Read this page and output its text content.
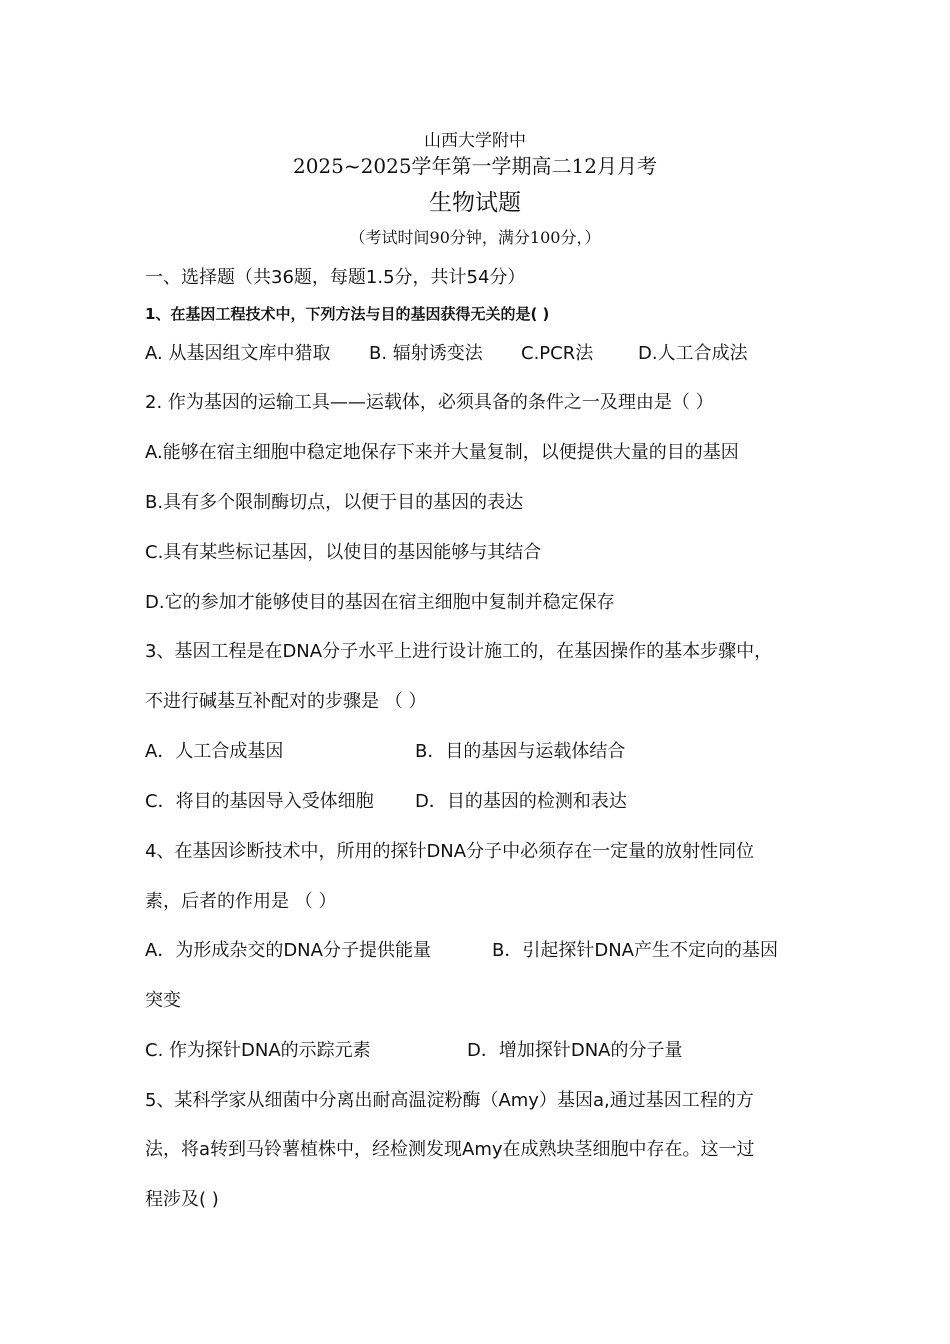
山西大学附中
2025~2025学年第一学期高二12月月考
生物试题
（考试时间90分钟，满分100分，）
一、选择题（共36题，每题1.5分，共计54分）
1、在基因工程技术中，下列方法与目的基因获得无关的是( )
A. 从基因组文库中猎取 B. 辐射诱变法 C.PCR法 D.人工合成法
2. 作为基因的运输工具——运载体，必须具备的条件之一及理由是（ ）
A.能够在宿主细胞中稳定地保存下来并大量复制，以便提供大量的目的基因
B.具有多个限制酶切点，以便于目的基因的表达
C.具有某些标记基因，以使目的基因能够与其结合
D.它的参加才能够使目的基因在宿主细胞中复制并稳定保存
3、基因工程是在DNA分子水平上进行设计施工的，在基因操作的基本步骤中，
不进行碱基互补配对的步骤是 （ ）
A．人工合成基因	B．目的基因与运载体结合
C．将目的基因导入受体细胞 D．目的基因的检测和表达
4、在基因诊断技术中，所用的探针DNA分子中必须存在一定量的放射性同位
素，后者的作用是 （ ）
A．为形成杂交的DNA分子提供能量	B．引起探针DNA产生不定向的基因
突变
C. 作为探针DNA的示踪元素	D．增加探针DNA的分子量
5、某科学家从细菌中分离出耐高温淀粉酶（Amy）基因a,通过基因工程的方
法，将a转到马铃薯植株中，经检测发现Amy在成熟块茎细胞中存在。这一过
程涉及( )
